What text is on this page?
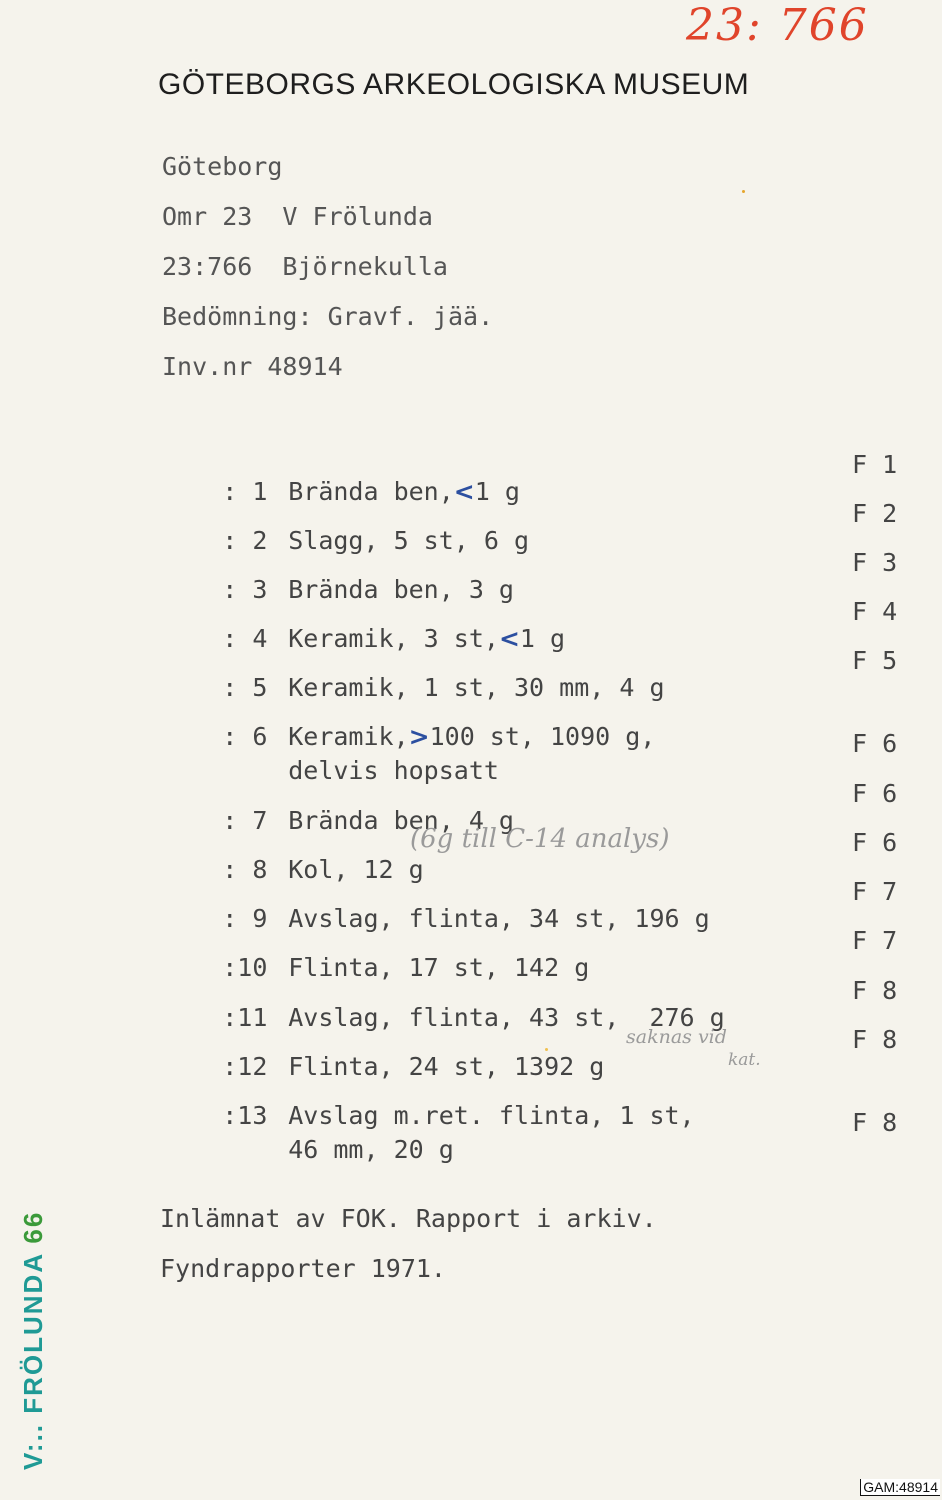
23: 766
GÖTEBORGS ARKEOLOGISKA MUSEUM
Göteborg
Omr 23  V Frölunda
23:766  Björnekulla
Bedömning: Gravf. jää.
Inv.nr 48914

: 1 Brända ben,<1 g

F 1

: 2 Slagg, 5 st, 6 g

F 2

: 3 Brända ben, 3 g

F 3

: 4 Keramik, 3 st,<1 g

F 4

: 5 Keramik, 1 st, 30 mm, 4 g

F 5

: 6 Keramik,>100 st, 1090 g,

delvis hopsatt

F 6

: 7 Brända ben, 4 g

F 6

: 8 Kol, 12 g

(6g till C-14 analys)	F 6

: 9 Avslag, flinta, 34 st, 196 g

F 7

:10 Flinta, 17 st, 142 g

F 7

:11 Avslag, flinta, 43 st,  276 g

F 8

:12 Flinta, 24 st, 1392 g

saknas vid
kat.
F 8

:13 Avslag m.ret. flinta, 1 st,

46 mm, 20 g

F 8
Inlämnat av FOK. Rapport i arkiv.
Fyndrapporter 1971.
V:.. FRÖLUNDA 66
GAM:48914
